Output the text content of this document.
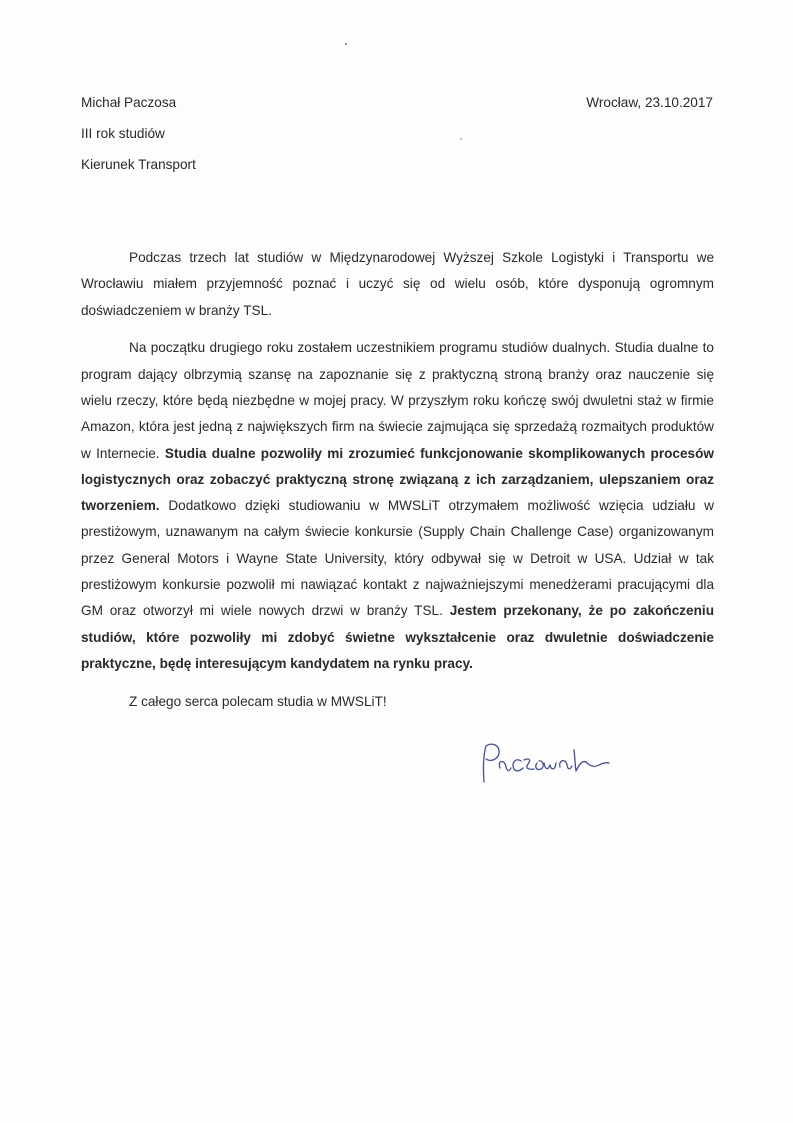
Michał Paczosa
III rok studiów
Kierunek Transport
Wrocław, 23.10.2017

Podczas trzech lat studiów w Międzynarodowej Wyższej Szkole Logistyki i Transportu we Wrocławiu miałem przyjemność poznać i uczyć się od wielu osób, które dysponują ogromnym doświadczeniem w branży TSL.

Na początku drugiego roku zostałem uczestnikiem programu studiów dualnych. Studia dualne to program dający olbrzymią szansę na zapoznanie się z praktyczną stroną branży oraz nauczenie się wielu rzeczy, które będą niezbędne w mojej pracy. W przyszłym roku kończę swój dwuletni staż w firmie Amazon, która jest jedną z największych firm na świecie zajmująca się sprzedażą rozmaitych produktów w Internecie. Studia dualne pozwoliły mi zrozumieć funkcjonowanie skomplikowanych procesów logistycznych oraz zobaczyć praktyczną stronę związaną z ich zarządzaniem, ulepszaniem oraz tworzeniem. Dodatkowo dzięki studiowaniu w MWSLiT otrzymałem możliwość wzięcia udziału w prestiżowym, uznawanym na całym świecie konkursie (Supply Chain Challenge Case) organizowanym przez General Motors i Wayne State University, który odbywał się w Detroit w USA. Udział w tak prestiżowym konkursie pozwolił mi nawiązać kontakt z najważniejszymi menedżerami pracującymi dla GM oraz otworzył mi wiele nowych drzwi w branży TSL. Jestem przekonany, że po zakończeniu studiów, które pozwoliły mi zdobyć świetne wykształcenie oraz dwuletnie doświadczenie praktyczne, będę interesującym kandydatem na rynku pracy.

Z całego serca polecam studia w MWSLiT!
